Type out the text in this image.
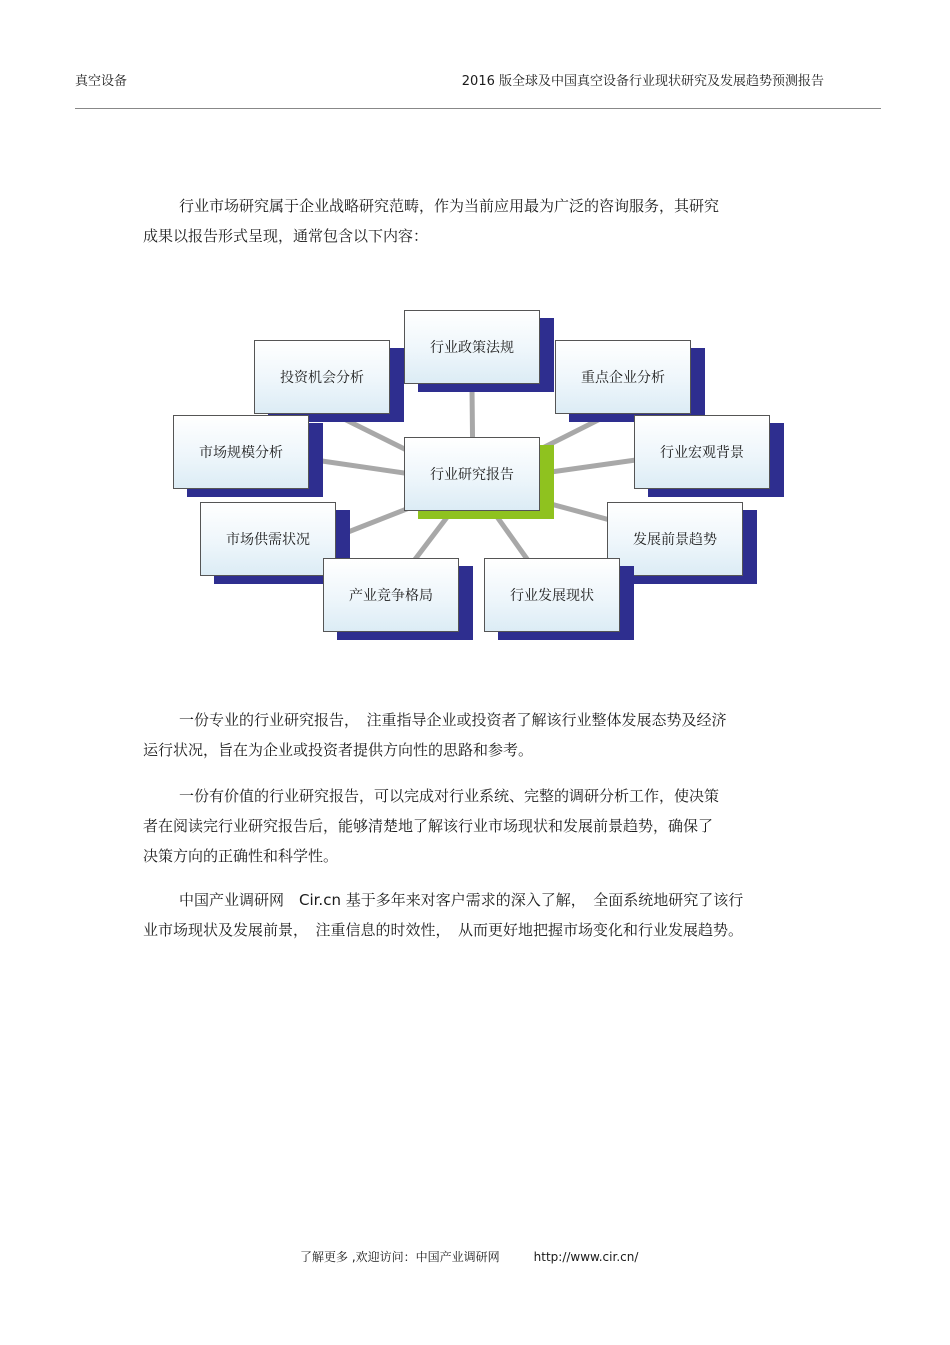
真空设备	2016 版全球及中国真空设备行业现状研究及发展趋势预测报告
行业市场研究属于企业战略研究范畴，作为当前应用最为广泛的咨询服务，其研究
成果以报告形式呈现，通常包含以下内容：
行业政策法规
投资机会分析	重点企业分析
市场规模分析	行业宏观背景
市场供需状况	发展前景趋势
产业竞争格局	行业发展现状
行业研究报告
一份专业的行业研究报告，　注重指导企业或投资者了解该行业整体发展态势及经济
运行状况，旨在为企业或投资者提供方向性的思路和参考。
一份有价值的行业研究报告，可以完成对行业系统、完整的调研分析工作，使决策
者在阅读完行业研究报告后，能够清楚地了解该行业市场现状和发展前景趋势，确保了
决策方向的正确性和科学性。
中国产业调研网　Cir.cn 基于多年来对客户需求的深入了解，　全面系统地研究了该行
业市场现状及发展前景，　注重信息的时效性，　从而更好地把握市场变化和行业发展趋势。
了解更多 ,欢迎访问：中国产业调研网	http://www.cir.cn/
